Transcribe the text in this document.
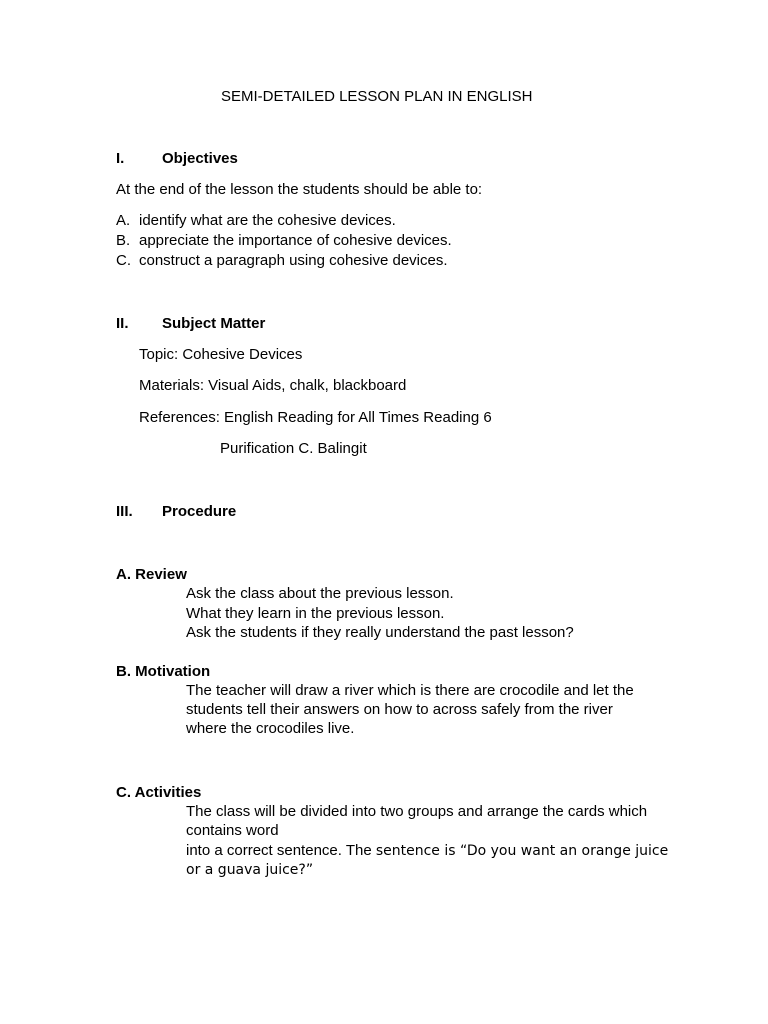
SEMI-DETAILED LESSON PLAN IN ENGLISH
I.	Objectives
At the end of the lesson the students should be able to:
A. identify what are the cohesive devices.
B. appreciate the importance of cohesive devices.
C. construct a paragraph using cohesive devices.
II. Subject Matter
Topic: Cohesive Devices
Materials: Visual Aids, chalk, blackboard
References: English Reading for All Times Reading 6
Purification C. Balingit
III. Procedure
A. Review
Ask the class about the previous lesson.
What they learn in the previous lesson.
Ask the students if they really understand the past lesson?
B. Motivation
The teacher will draw a river which is there are crocodile and let the
students tell their answers on how to across safely from the river
where the crocodiles live.
C. Activities
The class will be divided into two groups and arrange the cards which
contains word
into a correct sentence. The sentence is “Do you want an orange juice
or a guava juice?”
